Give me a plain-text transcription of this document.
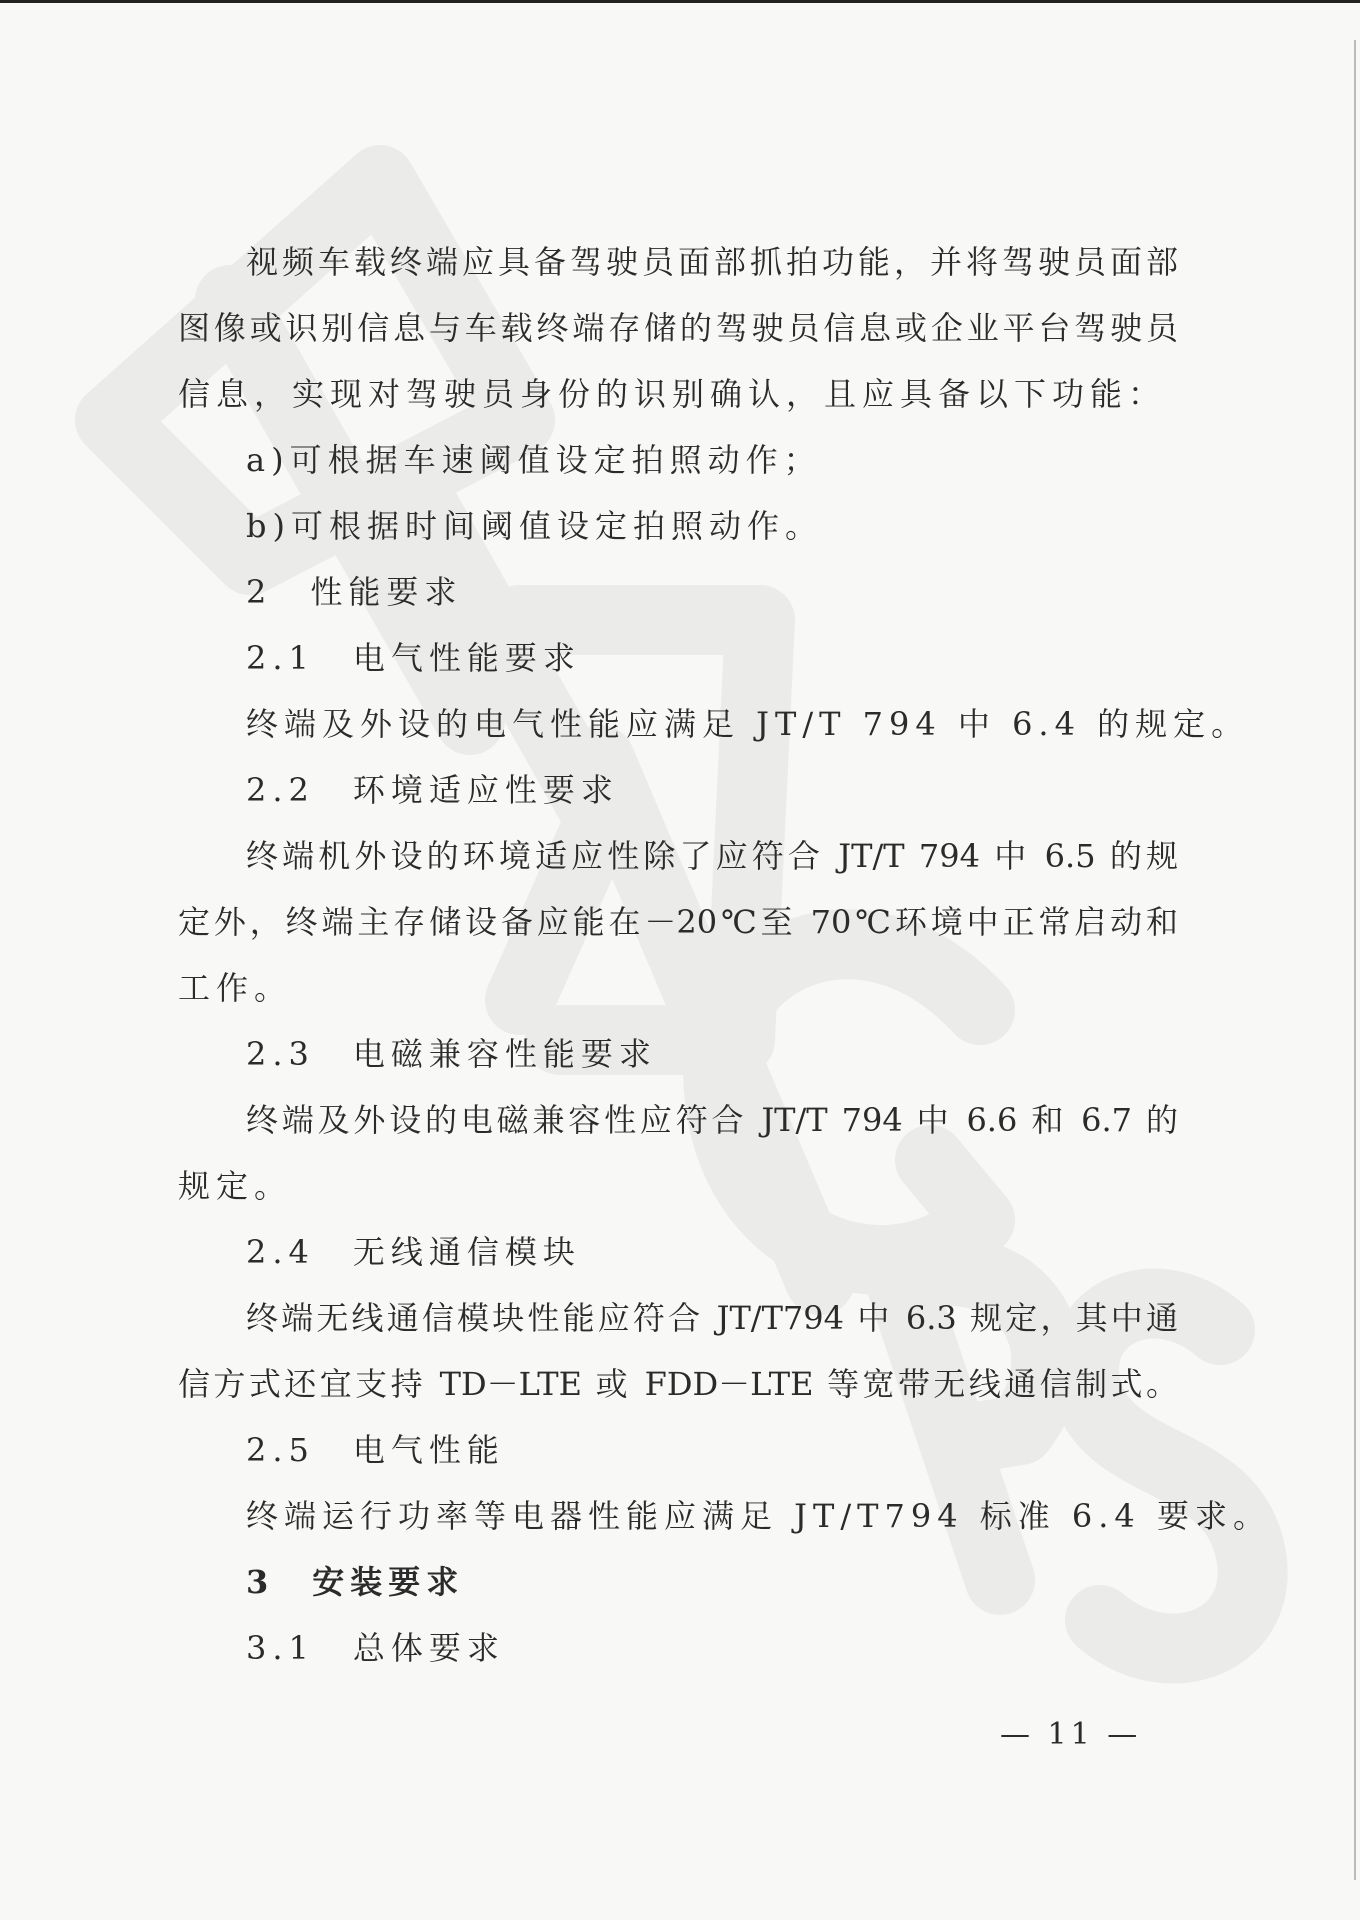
视频车载终端应具备驾驶员面部抓拍功能，并将驾驶员面部
图像或识别信息与车载终端存储的驾驶员信息或企业平台驾驶员
信息，实现对驾驶员身份的识别确认，且应具备以下功能：
a)可根据车速阈值设定拍照动作；
b)可根据时间阈值设定拍照动作。
2　性能要求
2.1　电气性能要求
终端及外设的电气性能应满足 JT/T 794 中 6.4 的规定。
2.2　环境适应性要求
终端机外设的环境适应性除了应符合 JT/T 794 中 6.5 的规
定外，终端主存储设备应能在－20℃至 70℃环境中正常启动和
工作。
2.3　电磁兼容性能要求
终端及外设的电磁兼容性应符合 JT/T 794 中 6.6 和 6.7 的
规定。
2.4　无线通信模块
终端无线通信模块性能应符合 JT/T794 中 6.3 规定，其中通
信方式还宜支持 TD－LTE 或 FDD－LTE 等宽带无线通信制式。
2.5　电气性能
终端运行功率等电器性能应满足 JT/T794 标准 6.4 要求。
3　安装要求
3.1　总体要求
— 11 —
